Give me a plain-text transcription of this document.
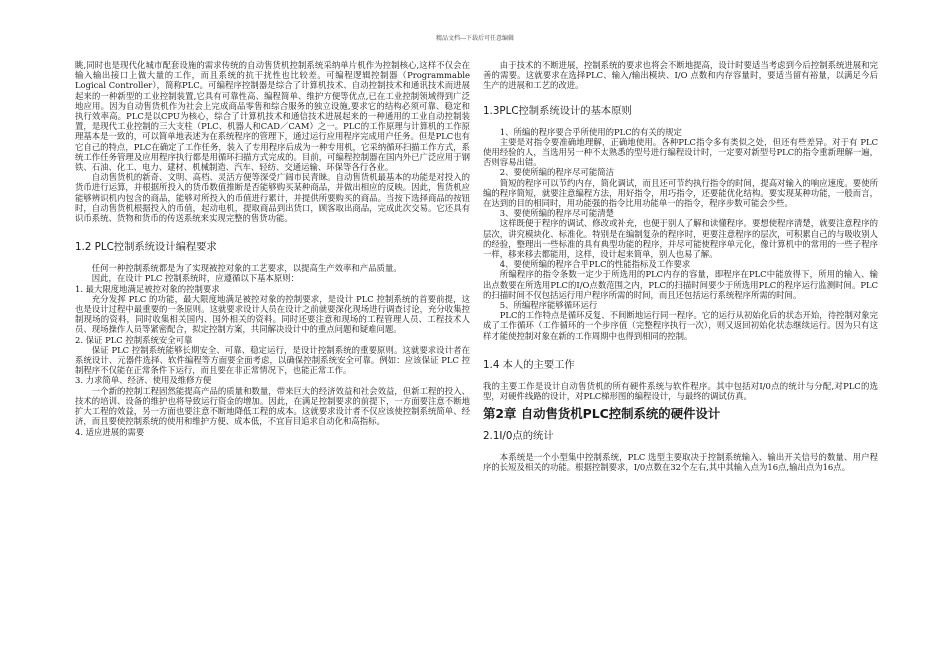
精品文档---下载后可任意编辑

眺,同时也是现代化城市配套设施的需求传统的自动售货机控制系统采纳单片机作为控制核心,这样不仅会在输入输出接口上做大量的工作，而且系统的抗干扰性也比较差。可编程逻辑控制器（Programmable Logical Controller），简称PLC。可编程序控制器是综合了计算机技术、自动控制技术和通讯技术而进展起来的一种新型的工业控制装置,它具有可靠性高、编程简单、维护方便等优点,已在工业控制领域得到广泛地应用。因为自动售货机作为社会上完成商品零售和综合服务的独立设施,要求它的结构必须可靠、稳定和执行效率高。PLC是以CPU为核心，综合了计算机技术和通信技术进展起来的一种通用的工业自动控制装置，是现代工业控制的三大支柱（PLC、机器人和CAD／CAM）之一。PLC的工作原理与计算机的工作原理基本是一致的，可以简单地表述为在系统程序的管理下，通过运行应用程序完成用户任务。但是PLC也有它自己的特点，PLC在确定了工作任务，装入了专用程序后成为一种专用机，它采纳循环扫描工作方式，系统工作任务管理及应用程序执行都是用循环扫描方式完成的。目前，可编程控制器在国内外已广泛应用于钢铁、石油、化工、电力、建材、机械制造、汽车、轻纺、交通运输、环保等各行各业。

自动售货机的新奇、文明、高档、灵活方便等深受广阔市民青睐。自动售货机最基本的功能是对投入的货币进行运算，并根据所投入的货币数值推断是否能够购买某种商品，并做出相应的反映。因此，售货机应能够辨识机内包含的商品，能够对所投入的币值进行累计，并提供所要购买的商品。当按下选择商品的按钮时，自动售货机根据投入的币值，起动电机，提取商品到出货口，顾客取出商品，完成此次交易。它还具有识币系统、货物和货币的传送系统来实现完整的售货功能。

1.2 PLC控制系统设计编程要求

任何一种控制系统都是为了实现被控对象的工艺要求，以提高生产效率和产品质量。

因此，在设计 PLC 控制系统时，应遵循以下基本原则：

1. 最大限度地满足被控对象的控制要求

充分发挥 PLC 的功能，最大限度地满足被控对象的控制要求，是设计 PLC 控制系统的首要前提，这也是设计过程中最重要的一条原则。这就要求设计人员在设计之前就要深化现场进行调查讨论，充分收集控制现场的资料，同时收集相关国内、国外相关的资料。同时还要注意和现场的工程管理人员、工程技术人员、现场操作人员等紧密配合，拟定控制方案，共同解决设计中的重点问题和疑难问题。

2. 保证 PLC 控制系统安全可靠

保证 PLC 控制系统能够长期安全、可靠、稳定运行，是设计控制系统的重要原则。这就要求设计者在系统设计、元器件选择、软件编程等方面要全面考虑，以确保控制系统安全可靠。例如：应该保证 PLC 控制程序不仅能在正常条件下运行，而且要在非正常情况下，也能正常工作。

3. 力求简单、经济、使用及维修方便

一个新的控制工程固然能提高产品的质量和数量，带来巨大的经济效益和社会效益，但新工程的投入、技术的培训、设备的维护也将导致运行资金的增加。因此，在满足控制要求的前提下，一方面要注意不断地扩大工程的效益，另一方面也要注意不断地降低工程的成本。这就要求设计者不仅应该使控制系统简单、经济，而且要使控制系统的使用和维护方便、成本低，不宜盲目追求自动化和高指标。

4. 适应进展的需要

由于技术的不断进展，控制系统的要求也将会不断地提高，设计时要适当考虑到今后控制系统进展和完善的需要。这就要求在选择PLC、输入/输出模块、I/O 点数和内存容量时，要适当留有裕量，以满足今后生产的进展和工艺的改进。

1.3PLC控制系统设计的基本原则

1、所编的程序要合乎所使用的PLC的有关的规定

主要是对指令要准确地理解，正确地使用。各种PLC指令多有类似之处，但还有些差异。对于有 PLC 使用经验的人，当选用另一种不太熟悉的型号进行编程设计时，一定要对新型号PLC的指令重新理解一遍，否则容易出错。

2、要使所编的程序尽可能简洁

简短的程序可以节约内存，简化调试，而且还可节约执行指令的时间，提高对输入的响应速度。要使所编的程序简短，就要注意编程方法，用好指令，用巧指令，还要能优化结构。要实现某种功能，一般而言，在达到的目的相同时，用功能强的指令比用功能单一的指令，程序步数可能会少些。

3、要使所编的程序尽可能清楚

这样既便于程序的调试、修改或补充，也便于别人了解和读懂程序。要想使程序清楚，就要注意程序的层次，讲究模块化、标准化。特别是在编制复杂的程序时，更要注意程序的层次，可积累自己的与吸收别人的经验，整理出一些标准的具有典型功能的程序，并尽可能使程序单元化，像计算机中的常用的一些子程序一样，移来移去都能用，这样，设计起来简单，别人也易了解。

4、要使所编的程序合乎PLC的性能指标及工作要求

所编程序的指令条数一定少于所选用的PLC内存的容量，即程序在PLC中能放得下，所用的输入、输出点数要在所选用PLC的I/O点数范围之内，PLC的扫描时间要少于所选用PLC的程序运行监测时间。PLC的扫描时间不仅包括运行用户程序所需的时间，而且还包括运行系统程序所需的时间。

5、所编程序能够循环运行

PLC的工作特点是循环反复、不间断地运行同一程序。它的运行从初始化后的状态开始，待控制对象完成了工作循环（工作循环的一个步序值（完整程序执行一次），则又返回初始化状态继续运行。因为只有这样才能使控制对象在新的工作周期中也得到相同的控制。

1.4 本人的主要工作

我的主要工作是设计自动售货机的所有硬件系统与软件程序。其中包括对I/0点的统计与分配,对PLC的选型，对硬件线路的设计，对PLC梯形图的编程设计，与最终的调试仿真。

第2章 自动售货机PLC控制系统的硬件设计
2.1I/0点的统计

本系统是一个小型集中控制系统，PLC 选型主要取决于控制系统输入、输出开关信号的数量、用户程序的长短及相关的功能。根据控制要求，I/0点数在32个左右,其中其输入点为16点,输出点为16点。
